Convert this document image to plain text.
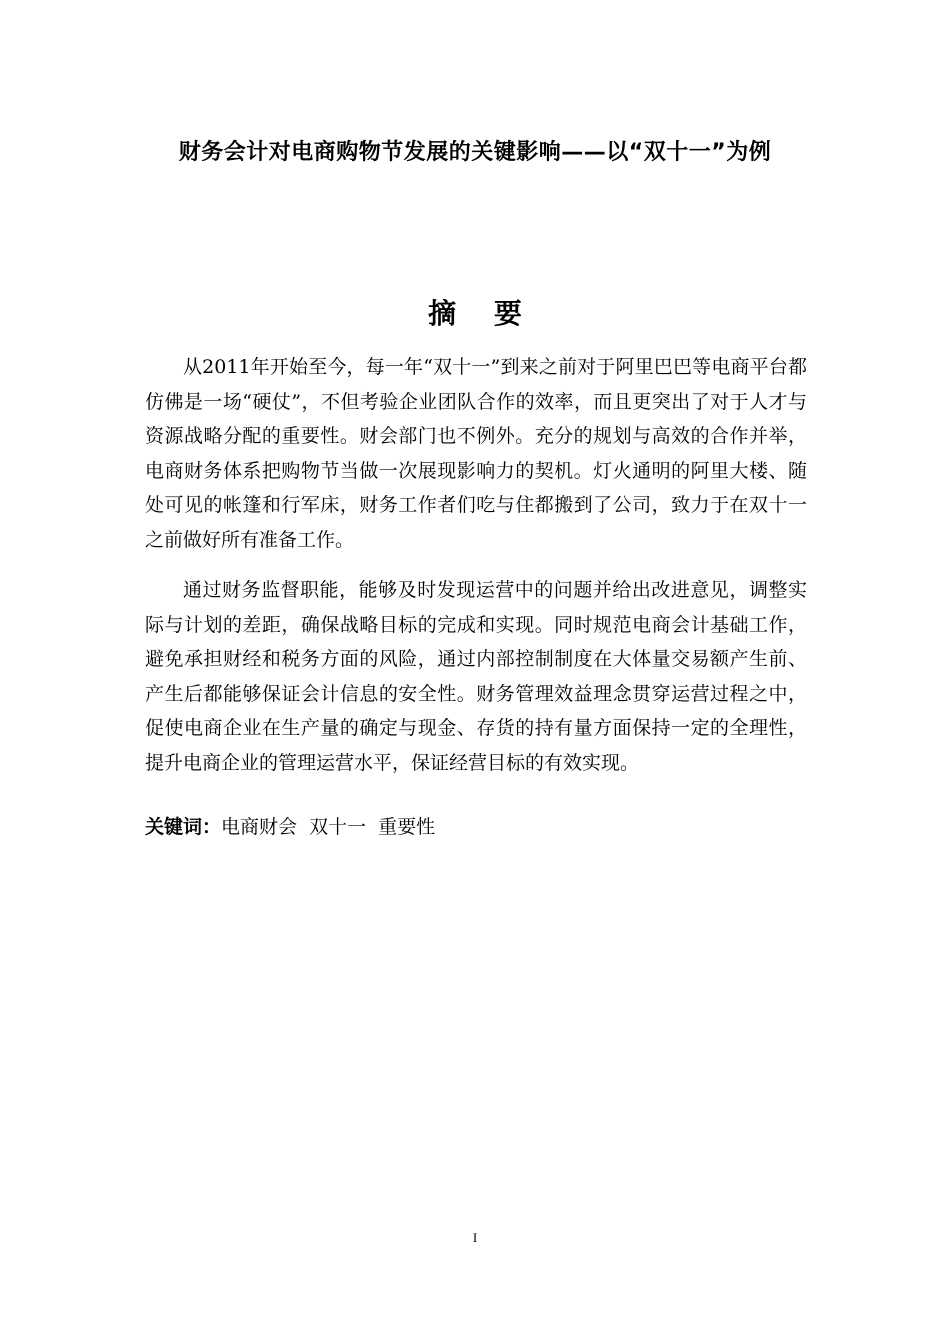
财务会计对电商购物节发展的关键影响——以“双十一”为例
摘 要

从2011年开始至今，每一年“双十一”到来之前对于阿里巴巴等电商平台都仿佛是一场“硬仗”，不但考验企业团队合作的效率，而且更突出了对于人才与资源战略分配的重要性。财会部门也不例外。充分的规划与高效的合作并举，电商财务体系把购物节当做一次展现影响力的契机。灯火通明的阿里大楼、随处可见的帐篷和行军床，财务工作者们吃与住都搬到了公司，致力于在双十一之前做好所有准备工作。

通过财务监督职能，能够及时发现运营中的问题并给出改进意见，调整实际与计划的差距，确保战略目标的完成和实现。同时规范电商会计基础工作，避免承担财经和税务方面的风险，通过内部控制制度在大体量交易额产生前、产生后都能够保证会计信息的安全性。财务管理效益理念贯穿运营过程之中，促使电商企业在生产量的确定与现金、存货的持有量方面保持一定的全理性，提升电商企业的管理运营水平，保证经营目标的有效实现。

关键词：电商财会  双十一  重要性
I
